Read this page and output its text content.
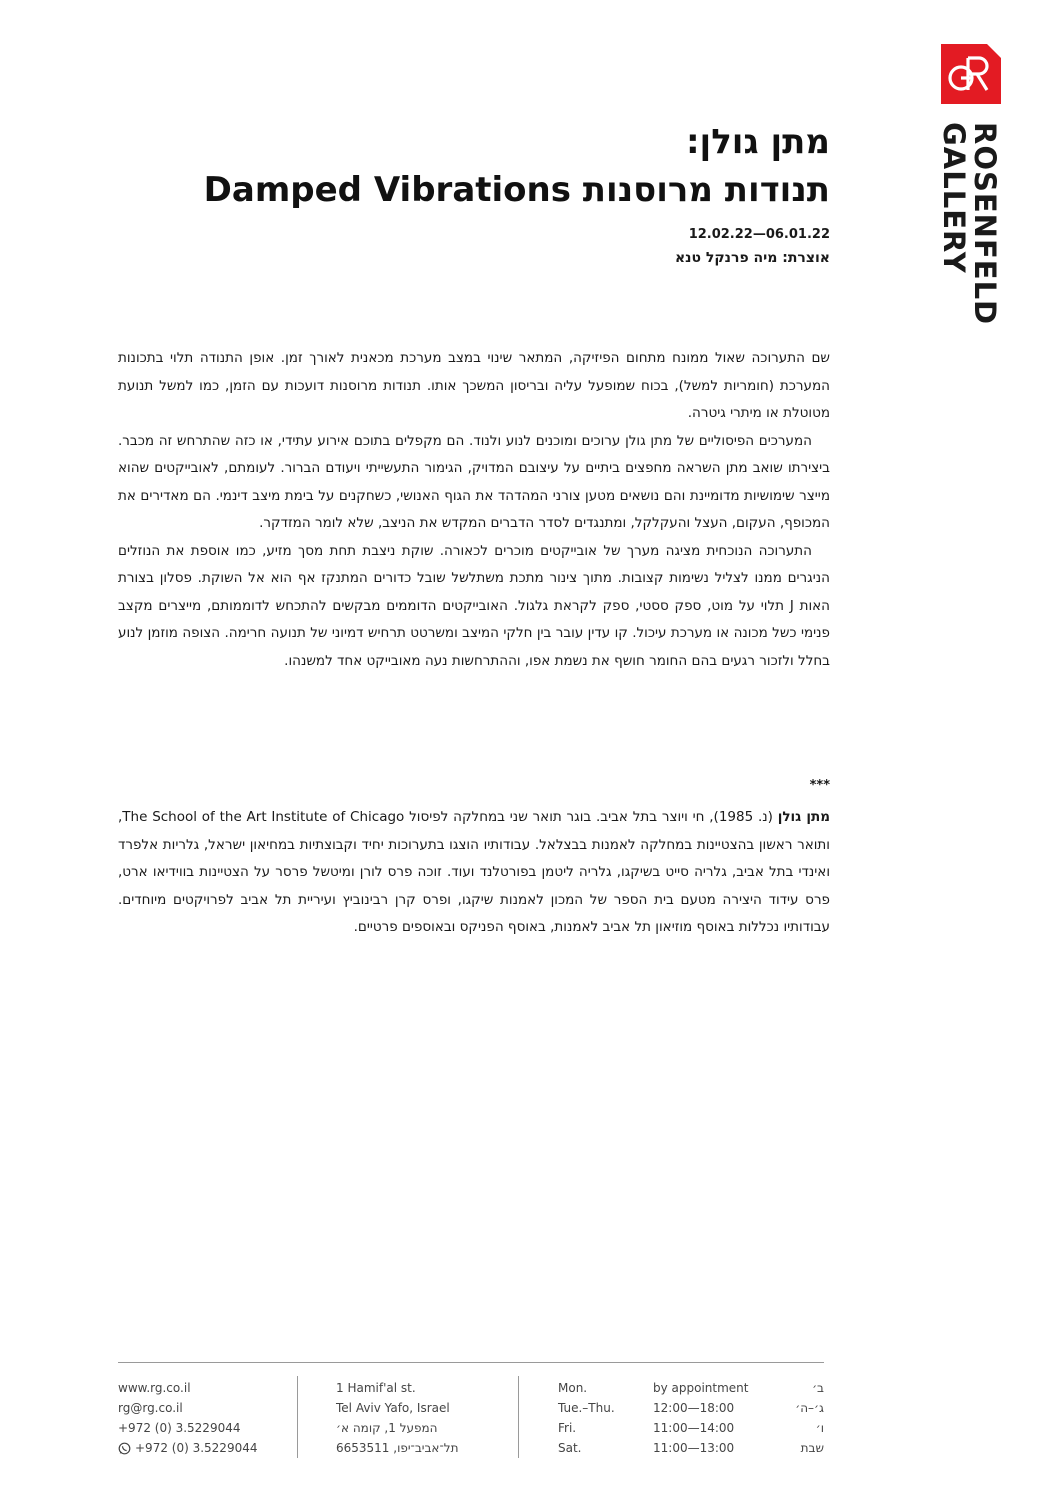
ROSENFELD
GALLERY
מתן גולן:
תנודות מרוסנות Damped Vibrations
12.02.22—06.01.22
אוצרת: מיה פרנקל טנא

שם התערוכה שאול ממונח מתחום הפיזיקה, המתאר שינוי במצב מערכת מכאנית לאורך זמן. אופן התנודה תלוי בתכונות המערכת (חומריות למשל), בכוח שמופעל עליה ובריסון המשכך אותו. תנודות מרוסנות דועכות עם הזמן, כמו למשל תנועת מטוטלת או מיתרי גיטרה.

המערכים הפיסוליים של מתן גולן ערוכים ומוכנים לנוע ולנוד. הם מקפלים בתוכם אירוע עתידי, או כזה שהתרחש זה מכבר. ביצירתו שואב מתן השראה מחפצים ביתיים על עיצובם המדויק, הגימור התעשייתי ויעודם הברור. לעומתם, לאובייקטים שהוא מייצר שימושיות מדומיינת והם נושאים מטען צורני המהדהד את הגוף האנושי, כשחקנים על בימת מיצב דינמי. הם מאדירים את המכופף, העקום, העצל והעקלקל, ומתנגדים לסדר הדברים המקדש את הניצב, שלא לומר המזדקר.

התערוכה הנוכחית מציגה מערך של אובייקטים מוכרים לכאורה. שוקת ניצבת תחת מסך מזיע, כמו אוספת את הנוזלים הניגרים ממנו לצליל נשימות קצובות. מתוך צינור מתכת משתלשל שובל כדורים המתנקז אף הוא אל השוקת. פסלון בצורת האות J תלוי על מוט, ספק ססטי, ספק לקראת גלגול. האובייקטים הדוממים מבקשים להתכחש לדוממותם, מייצרים מקצב פנימי כשל מכונה או מערכת עיכול. קו עדין עובר בין חלקי המיצב ומשרטט תרחיש דמיוני של תנועה חרימה. הצופה מוזמן לנוע בחלל ולזכור רגעים בהם החומר חושף את נשמת אפו, וההתרחשות נעה מאובייקט אחד למשנהו.

***

מתן גולן (נ. 1985), חי ויוצר בתל אביב. בוגר תואר שני במחלקה לפיסול The School of the Art Institute of Chicago, ותואר ראשון בהצטיינות במחלקה לאמנות בבצלאל. עבודותיו הוצגו בתערוכות יחיד וקבוצתיות במחיאון ישראל, גלריות אלפרד ואינדי בתל אביב, גלריה סייט בשיקגו, גלריה ליטמן בפורטלנד ועוד. זוכה פרס לורן ומיטשל פרסר על הצטיינות בווידיאו ארט, פרס עידוד היצירה מטעם בית הספר של המכון לאמנות שיקגו, ופרס קרן רבינוביץ ועיריית תל אביב לפרויקטים מיוחדים. עבודותיו נכללות באוסף מוזיאון תל אביב לאמנות, באוסף הפניקס ובאוספים פרטיים.

www.rg.co.il
rg@rg.co.il
+972 (0) 3.5229044
+972 (0) 3.5229044
1 Hamif'al st.
Tel Aviv Yafo, Israel
המפעל 1, קומה א׳
תל־אביב־יפו, 6653511
Mon.	by appointment	ב׳
Tue.–Thu.	12:00—18:00	ג׳–ה׳
Fri.	11:00—14:00	ו׳
Sat.	11:00—13:00	שבת
